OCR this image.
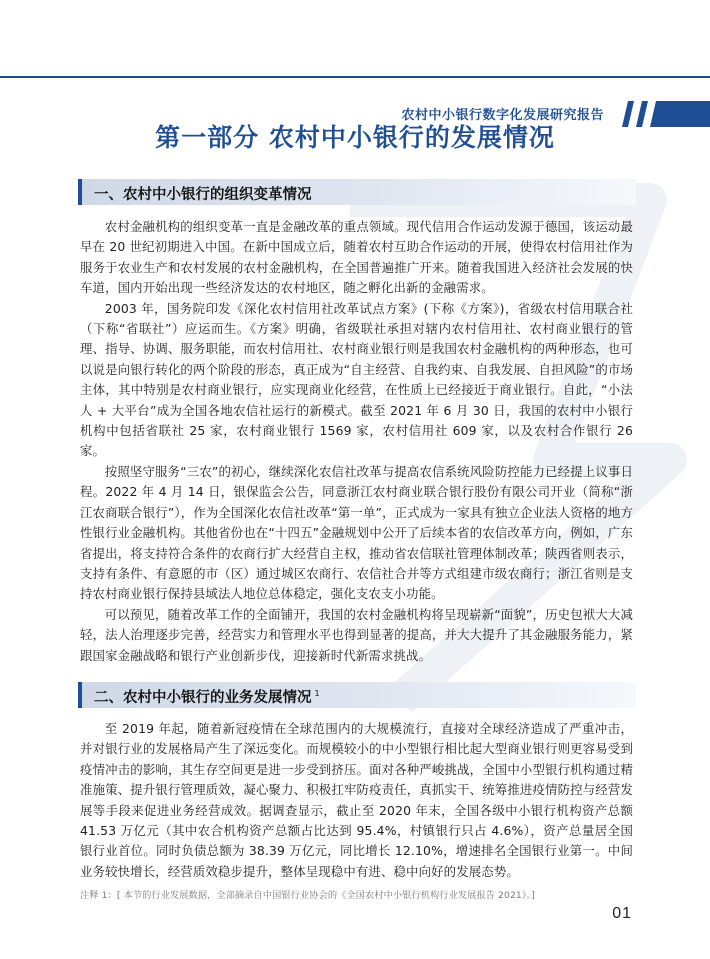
农村中小银行数字化发展研究报告
第一部分 农村中小银行的发展情况
一、农村中小银行的组织变革情况

农村金融机构的组织变革一直是金融改革的重点领域。现代信用合作运动发源于德国，该运动最早在 20 世纪初期进入中国。在新中国成立后，随着农村互助合作运动的开展，使得农村信用社作为服务于农业生产和农村发展的农村金融机构，在全国普遍推广开来。随着我国进入经济社会发展的快车道，国内开始出现一些经济发达的农村地区，随之孵化出新的金融需求。

2003 年，国务院印发《深化农村信用社改革试点方案》(下称《方案》)，省级农村信用联合社（下称“省联社”）应运而生。《方案》明确，省级联社承担对辖内农村信用社、农村商业银行的管理、指导、协调、服务职能，而农村信用社、农村商业银行则是我国农村金融机构的两种形态，也可以说是向银行转化的两个阶段的形态，真正成为“自主经营、自我约束、自我发展、自担风险”的市场主体，其中特别是农村商业银行，应实现商业化经营，在性质上已经接近于商业银行。自此，“小法人 + 大平台”成为全国各地农信社运行的新模式。截至 2021 年 6 月 30 日，我国的农村中小银行机构中包括省联社 25 家，农村商业银行 1569 家，农村信用社 609 家，以及农村合作银行 26 家。

按照坚守服务“三农”的初心，继续深化农信社改革与提高农信系统风险防控能力已经提上议事日程。2022 年 4 月 14 日，银保监会公告，同意浙江农村商业联合银行股份有限公司开业（简称“浙江农商联合银行”），作为全国深化农信社改革“第一单”，正式成为一家具有独立企业法人资格的地方性银行业金融机构。其他省份也在“十四五”金融规划中公开了后续本省的农信改革方向，例如，广东省提出，将支持符合条件的农商行扩大经营自主权，推动省农信联社管理体制改革；陕西省则表示，支持有条件、有意愿的市（区）通过城区农商行、农信社合并等方式组建市级农商行；浙江省则是支持农村商业银行保持县域法人地位总体稳定，强化支农支小功能。

可以预见，随着改革工作的全面铺开，我国的农村金融机构将呈现崭新“面貌”，历史包袱大大减轻，法人治理逐步完善，经营实力和管理水平也得到显著的提高，并大大提升了其金融服务能力，紧跟国家金融战略和银行产业创新步伐，迎接新时代新需求挑战。

二、农村中小银行的业务发展情况 $^1$

至 2019 年起，随着新冠疫情在全球范围内的大规模流行，直接对全球经济造成了严重冲击，并对银行业的发展格局产生了深远变化。而规模较小的中小型银行相比起大型商业银行则更容易受到疫情冲击的影响，其生存空间更是进一步受到挤压。面对各种严峻挑战，全国中小型银行机构通过精准施策、提升银行管理质效，凝心聚力、积极扛牢防疫责任，真抓实干、统筹推进疫情防控与经营发展等手段来促进业务经营成效。据调查显示，截止至 2020 年末，全国各级中小银行机构资产总额 41.53 万亿元（其中农合机构资产总额占比达到 95.4%，村镇银行只占 4.6%），资产总量居全国银行业首位。同时负债总额为 38.39 万亿元，同比增长 12.10%，增速排名全国银行业第一。中间业务较快增长，经营质效稳步提升，整体呈现稳中有进、稳中向好的发展态势。

注释 1：[ 本节的行业发展数据，全部摘录自中国银行业协会的《全国农村中小银行机构行业发展报告 2021》。]
01
